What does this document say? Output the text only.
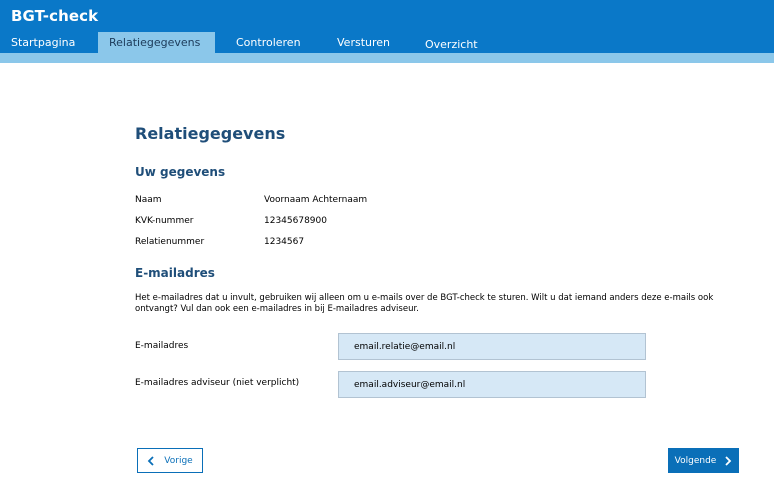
BGT-check
Startpagina	Relatiegegevens	Controleren	Versturen	Overzicht
Relatiegegevens
Uw gegevens
Naam	Voornaam Achternaam
KVK-nummer	12345678900
Relatienummer	1234567
E-mailadres
Het e-mailadres dat u invult, gebruiken wij alleen om u e-mails over de BGT-check te sturen. Wilt u dat iemand anders deze e-mails ook ontvangt? Vul dan ook een e-mailadres in bij E-mailadres adviseur.
E-mailadres
email.relatie@email.nl
E-mailadres adviseur (niet verplicht)
email.adviseur@email.nl
Vorige	Volgende
